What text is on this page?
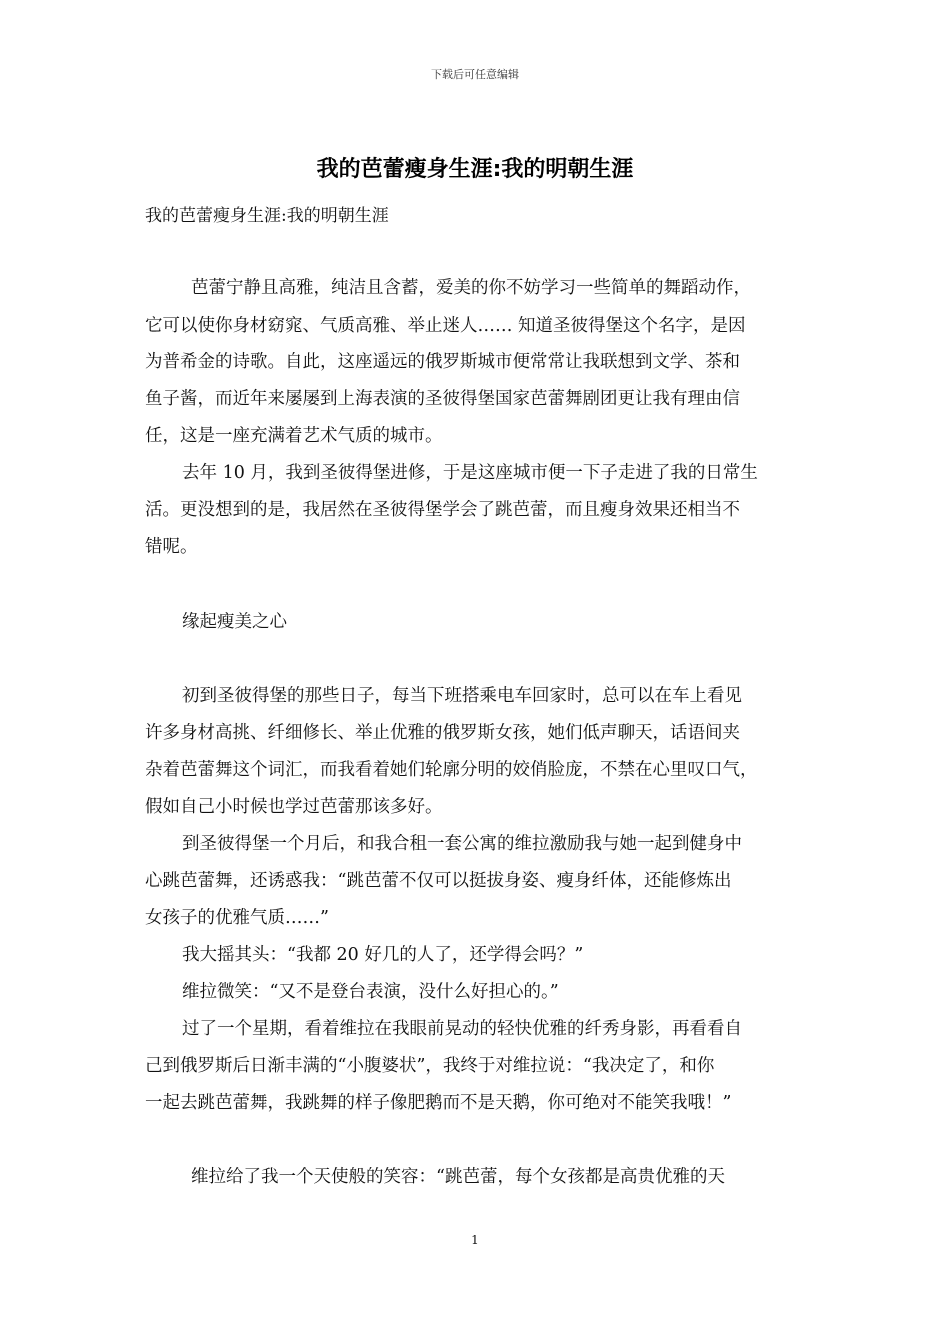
下载后可任意编辑
我的芭蕾瘦身生涯:我的明朝生涯
我的芭蕾瘦身生涯:我的明朝生涯
芭蕾宁静且高雅，纯洁且含蓄，爱美的你不妨学习一些简单的舞蹈动作，
它可以使你身材窈窕、气质高雅、举止迷人…… 知道圣彼得堡这个名字，是因
为普希金的诗歌。自此，这座遥远的俄罗斯城市便常常让我联想到文学、茶和
鱼子酱，而近年来屡屡到上海表演的圣彼得堡国家芭蕾舞剧团更让我有理由信
任，这是一座充满着艺术气质的城市。
去年 10 月，我到圣彼得堡进修，于是这座城市便一下子走进了我的日常生
活。更没想到的是，我居然在圣彼得堡学会了跳芭蕾，而且瘦身效果还相当不
错呢。
缘起瘦美之心
初到圣彼得堡的那些日子，每当下班搭乘电车回家时，总可以在车上看见
许多身材高挑、纤细修长、举止优雅的俄罗斯女孩，她们低声聊天，话语间夹
杂着芭蕾舞这个词汇，而我看着她们轮廓分明的姣俏脸庞，不禁在心里叹口气，
假如自己小时候也学过芭蕾那该多好。
到圣彼得堡一个月后，和我合租一套公寓的维拉激励我与她一起到健身中
心跳芭蕾舞，还诱惑我：“跳芭蕾不仅可以挺拔身姿、瘦身纤体，还能修炼出
女孩子的优雅气质……”
我大摇其头：“我都 20 好几的人了，还学得会吗？”
维拉微笑：“又不是登台表演，没什么好担心的。”
过了一个星期，看着维拉在我眼前晃动的轻快优雅的纤秀身影，再看看自
己到俄罗斯后日渐丰满的“小腹婆状”，我终于对维拉说：“我决定了，和你
一起去跳芭蕾舞，我跳舞的样子像肥鹅而不是天鹅，你可绝对不能笑我哦！”
维拉给了我一个天使般的笑容：“跳芭蕾，每个女孩都是高贵优雅的天
1
